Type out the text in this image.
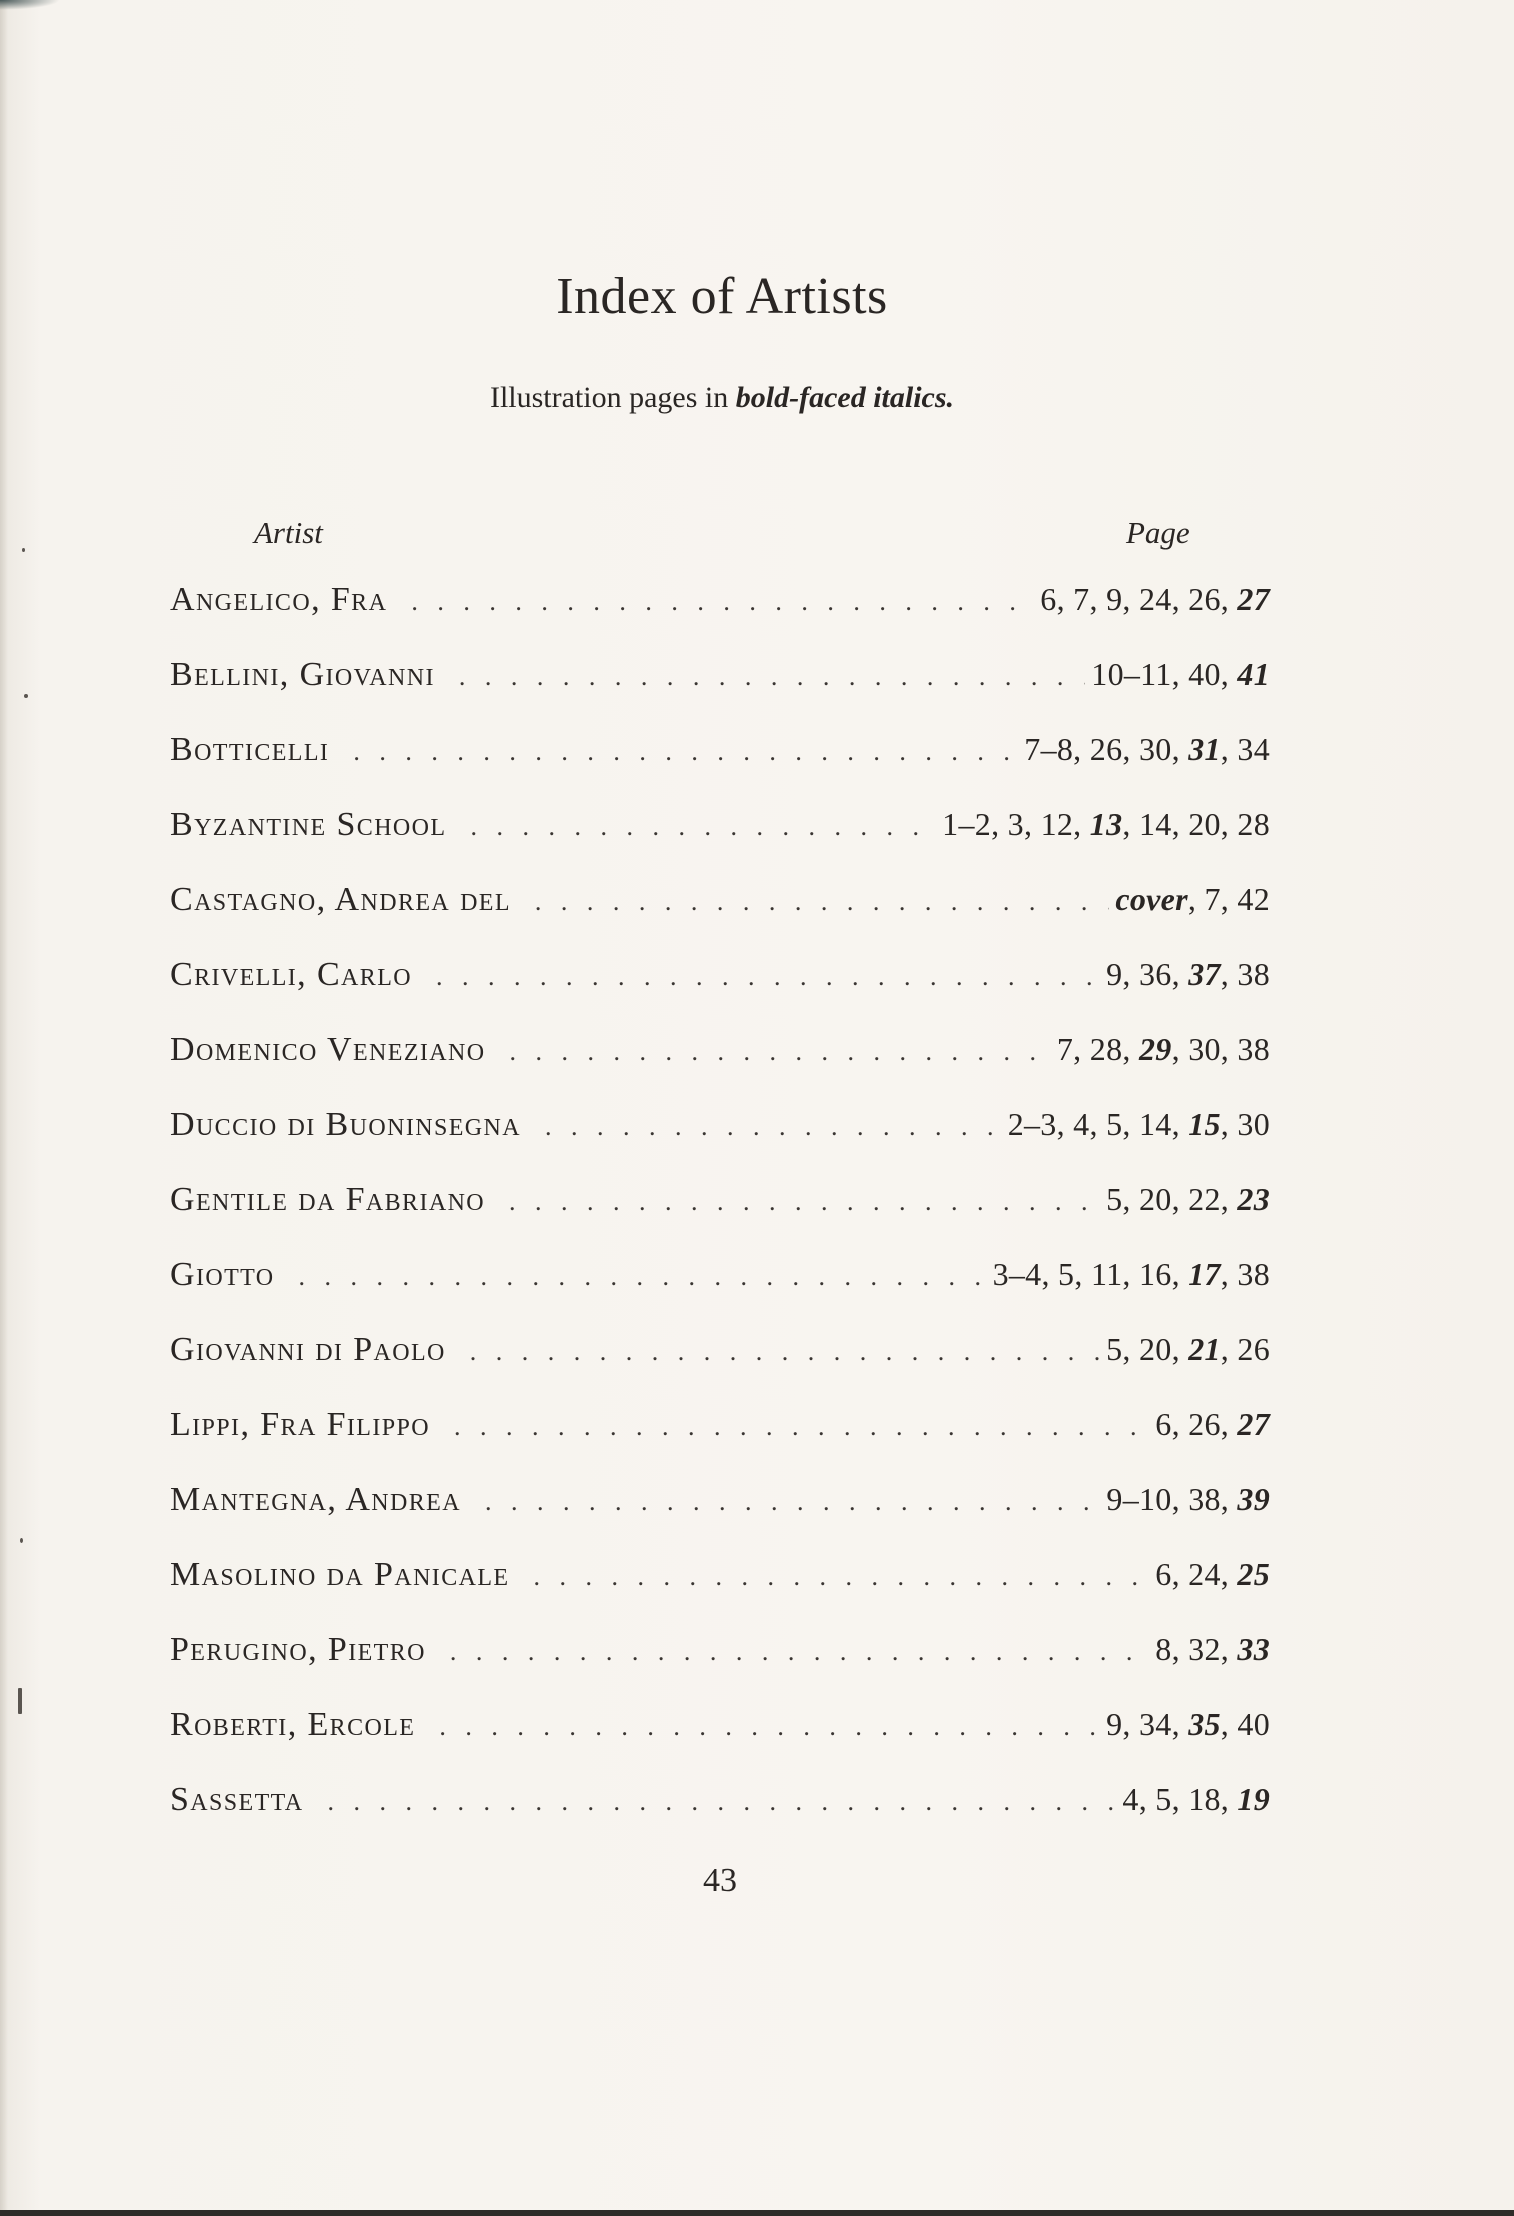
Index of Artists
Illustration pages in bold-faced italics.
Artist	Page
Angelico, Fra . . .	6, 7, 9, 24, 26, 27
Bellini, Giovanni . . .	10–11, 40, 41
Botticelli . . .	7–8, 26, 30, 31, 34
Byzantine School . . .	1–2, 3, 12, 13, 14, 20, 28
Castagno, Andrea del . . .	cover, 7, 42
Crivelli, Carlo . . .	9, 36, 37, 38
Domenico Veneziano . . .	7, 28, 29, 30, 38
Duccio di Buoninsegna . . .	2–3, 4, 5, 14, 15, 30
Gentile da Fabriano . . .	5, 20, 22, 23
Giotto . . .	3–4, 5, 11, 16, 17, 38
Giovanni di Paolo . . .	5, 20, 21, 26
Lippi, Fra Filippo . . .	6, 26, 27
Mantegna, Andrea . . .	9–10, 38, 39
Masolino da Panicale . . .	6, 24, 25
Perugino, Pietro . . .	8, 32, 33
Roberti, Ercole . . .	9, 34, 35, 40
Sassetta . . .	4, 5, 18, 19
43
